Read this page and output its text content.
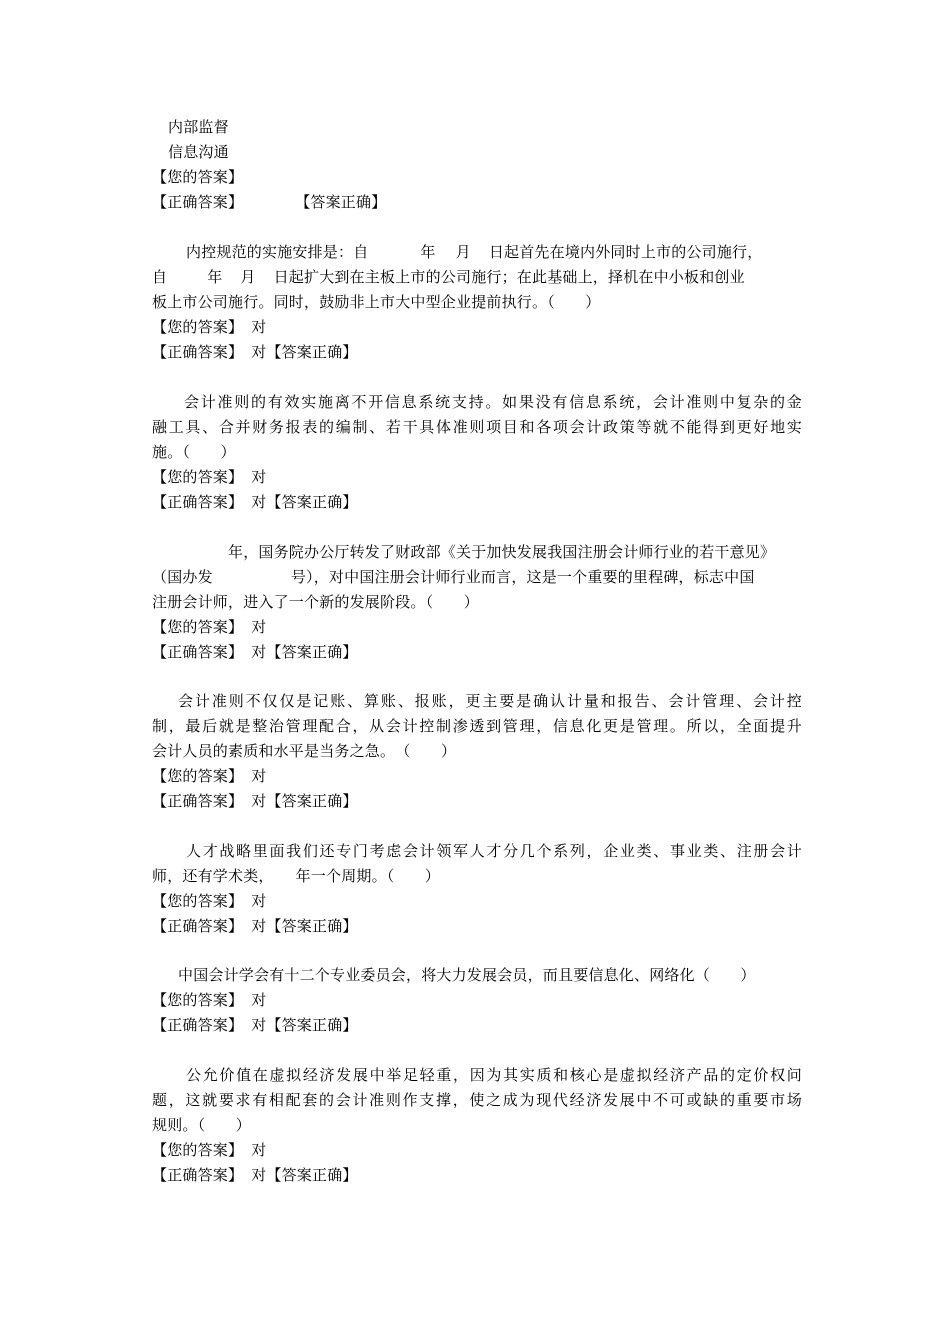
内部监督
信息沟通
【您的答案】
【正确答案】	【答案正确】
内控规范的实施安排是：自	年 月 日起首先在境内外同时上市的公司施行，
自	年 月 日起扩大到在主板上市的公司施行；在此基础上，择机在中小板和创业
板上市公司施行。同时，鼓励非上市大中型企业提前执行。（　　）
【您的答案】 对
【正确答案】 对【答案正确】
会计准则的有效实施离不开信息系统支持。如果没有信息系统，会计准则中复杂的金
融工具、合并财务报表的编制、若干具体准则项目和各项会计政策等就不能得到更好地实
施。（　　）
【您的答案】 对
【正确答案】 对【答案正确】
年，国务院办公厅转发了财政部《关于加快发展我国注册会计师行业的若干意见》
（国办发	号），对中国注册会计师行业而言，这是一个重要的里程碑，标志中国
注册会计师，进入了一个新的发展阶段。（　　）
【您的答案】 对
【正确答案】 对【答案正确】
会计准则不仅仅是记账、算账、报账，更主要是确认计量和报告、会计管理、会计控
制，最后就是整治管理配合，从会计控制渗透到管理，信息化更是管理。所以，全面提升
会计人员的素质和水平是当务之急。　（　　）
【您的答案】 对
【正确答案】 对【答案正确】
人才战略里面我们还专门考虑会计领军人才分几个系列，企业类、事业类、注册会计
师，还有学术类， 年一个周期。（　　）
【您的答案】 对
【正确答案】 对【答案正确】
中国会计学会有十二个专业委员会，将大力发展会员，而且要信息化、网络化（　　）
【您的答案】 对
【正确答案】 对【答案正确】
公允价值在虚拟经济发展中举足轻重，因为其实质和核心是虚拟经济产品的定价权问
题，这就要求有相配套的会计准则作支撑，使之成为现代经济发展中不可或缺的重要市场
规则。（　　）
【您的答案】 对
【正确答案】 对【答案正确】
